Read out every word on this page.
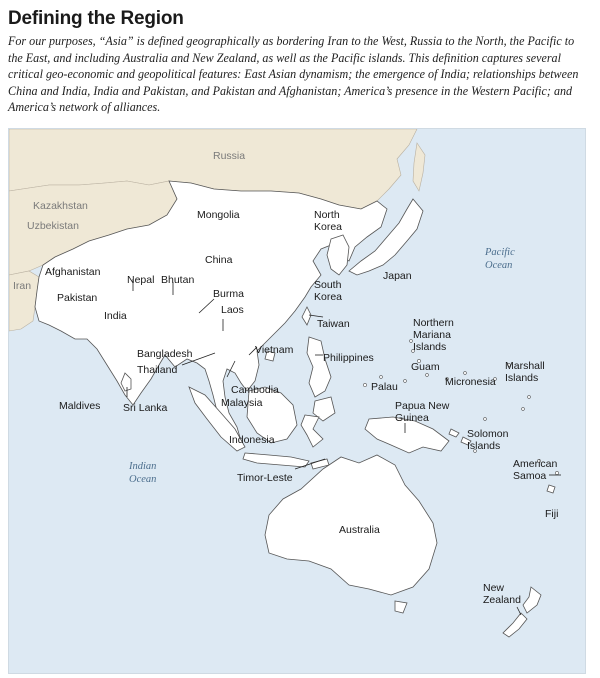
Defining the Region

For our purposes, “Asia” is defined geographically as bordering Iran to the West, Russia to the North, the Pacific to the East, and including Australia and New Zealand, as well as the Pacific islands. This definition captures several critical geo-economic and geopolitical features: East Asian dynamism; the emergence of India; relationships between China and India, India and Pakistan, and Pakistan and Afghanistan; America’s presence in the Western Pacific; and America’s network of alliances.

Russia
Kazakhstan
Uzbekistan
Iran
Pacific
Ocean
Indian
Ocean
Mongolia	North
Korea
China
Afghanistan
Nepal Bhutan
Pakistan	Burma
Japan
South
Korea
Laos
India
Taiwan	Northern
Mariana
Islands
Vietnam
Bangladesh	Philippines
Marshall
Islands
Guam
Thailand
Micronesia
Palau
Cambodia
Malaysia
Maldives Sri Lanka	Papua New
Guinea
Solomon
Islands
Indonesia
American
Samoa
Timor-Leste
Fiji
Australia
New
Zealand
